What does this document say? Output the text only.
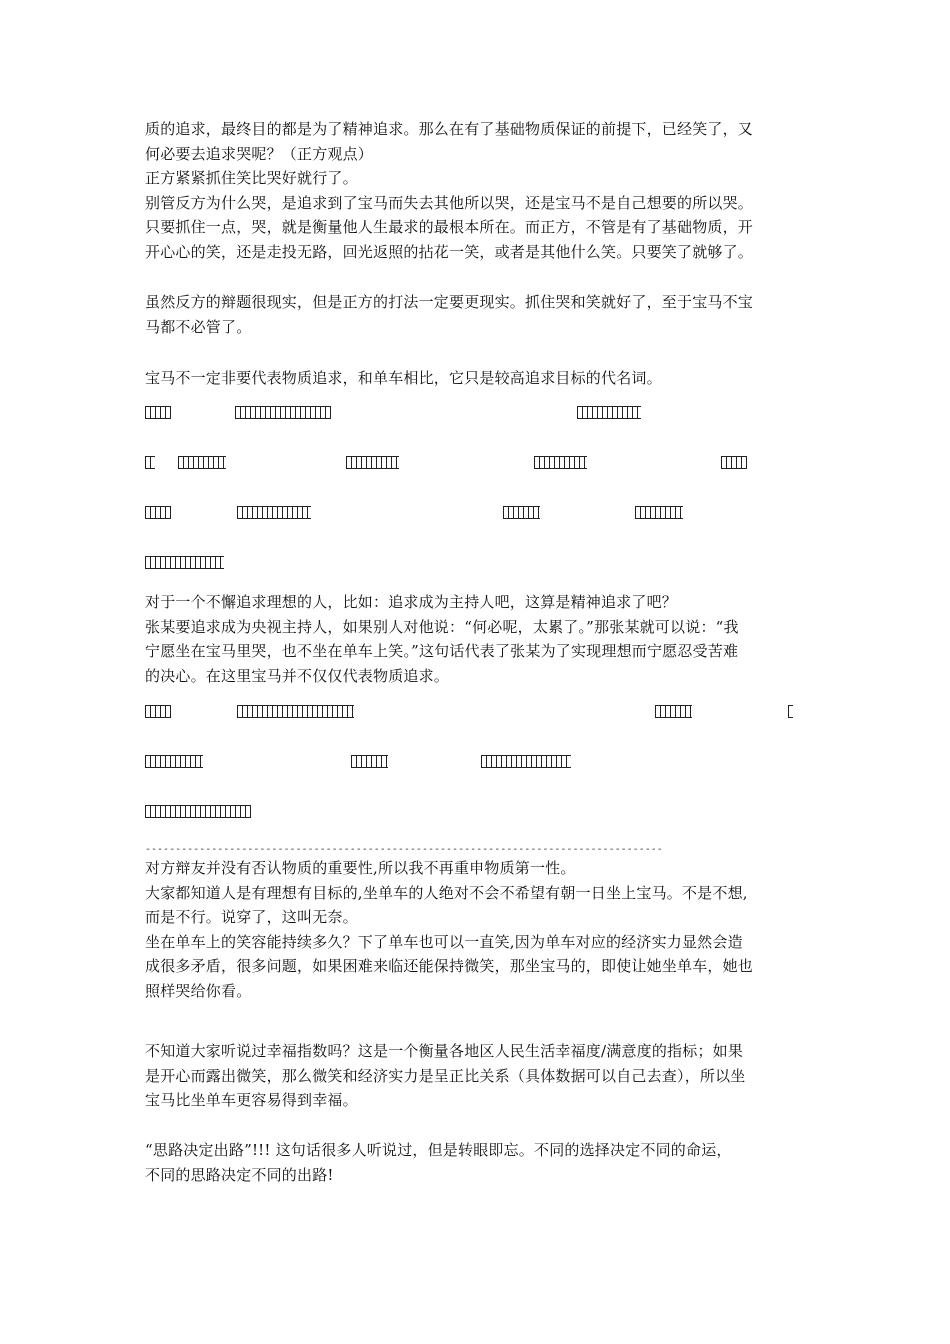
质的追求，最终目的都是为了精神追求。那么在有了基础物质保证的前提下，已经笑了，又
何必要去追求哭呢？（正方观点）
正方紧紧抓住笑比哭好就行了。
别管反方为什么哭，是追求到了宝马而失去其他所以哭，还是宝马不是自己想要的所以哭。
只要抓住一点，哭，就是衡量他人生最求的最根本所在。而正方，不管是有了基础物质，开
开心心的笑，还是走投无路，回光返照的拈花一笑，或者是其他什么笑。只要笑了就够了。
虽然反方的辩题很现实，但是正方的打法一定要更现实。抓住哭和笑就好了，至于宝马不宝
马都不必管了。
宝马不一定非要代表物质追求，和单车相比，它只是较高追求目标的代名词。
对于一个不懈追求理想的人，比如：追求成为主持人吧，这算是精神追求了吧？
张某要追求成为央视主持人，如果别人对他说：“何必呢，太累了。”那张某就可以说：“我
宁愿坐在宝马里哭，也不坐在单车上笑。”这句话代表了张某为了实现理想而宁愿忍受苦难
的决心。在这里宝马并不仅仅代表物质追求。
--------------------------------------------------------------------------------------
对方辩友并没有否认物质的重要性,所以我不再重申物质第一性。
大家都知道人是有理想有目标的,坐单车的人绝对不会不希望有朝一日坐上宝马。不是不想,
而是不行。说穿了，这叫无奈。
坐在单车上的笑容能持续多久？下了单车也可以一直笑,因为单车对应的经济实力显然会造
成很多矛盾，很多问题，如果困难来临还能保持微笑，那坐宝马的，即使让她坐单车，她也
照样哭给你看。
不知道大家听说过幸福指数吗？这是一个衡量各地区人民生活幸福度/满意度的指标；如果
是开心而露出微笑，那么微笑和经济实力是呈正比关系（具体数据可以自己去查），所以坐
宝马比坐单车更容易得到幸福。
“思路决定出路”!!! 这句话很多人听说过，但是转眼即忘。不同的选择决定不同的命运，
不同的思路决定不同的出路!
